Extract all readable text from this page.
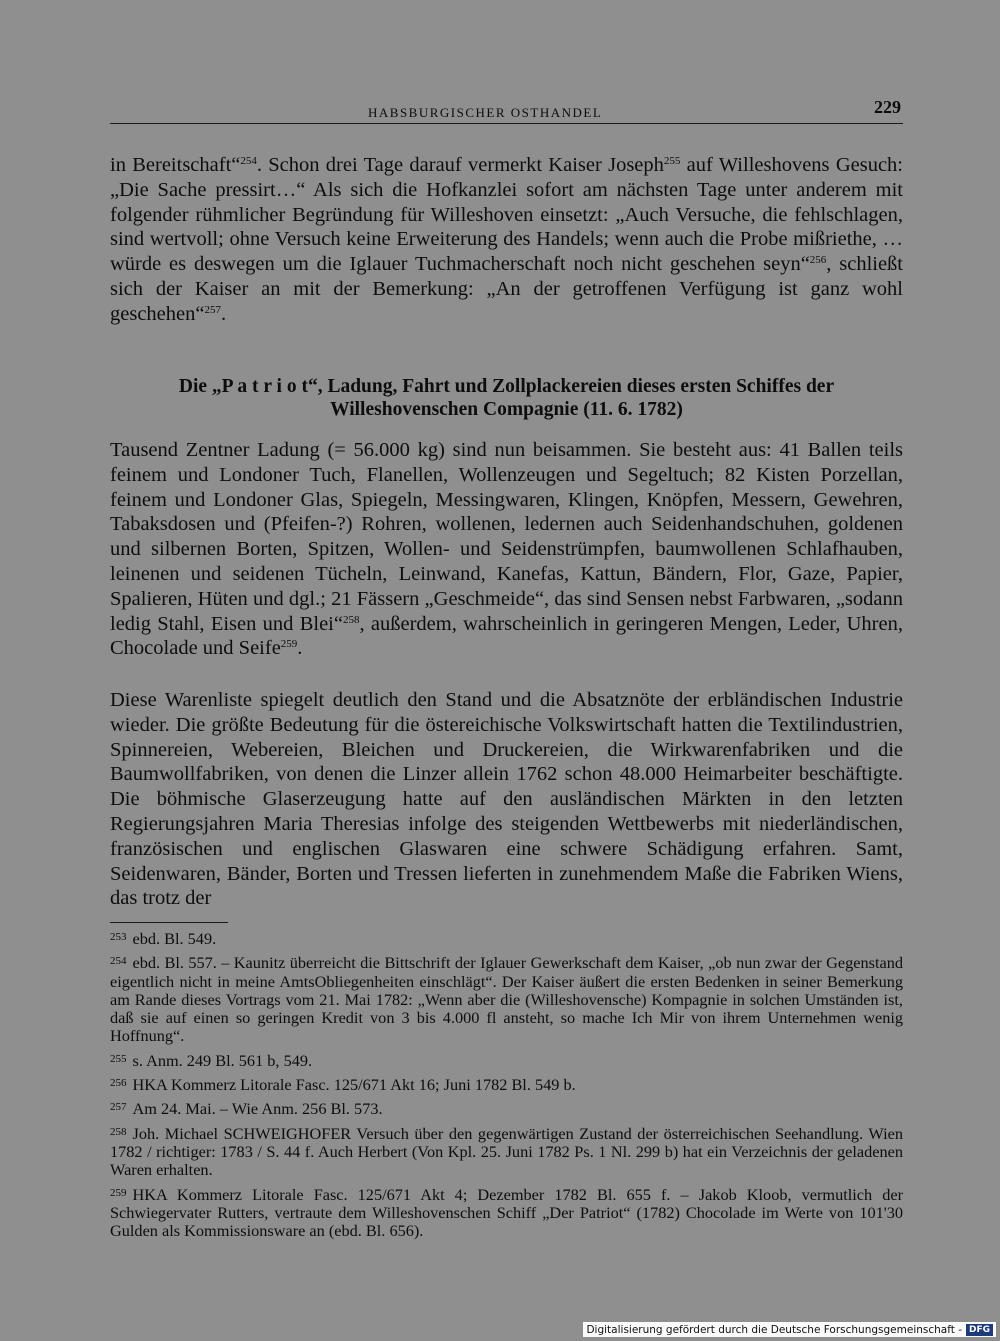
HABSBURGISCHER OSTHANDEL	229

in Bereitschaft“$^{254}$. Schon drei Tage darauf vermerkt Kaiser Joseph$^{255}$ auf Willeshovens Gesuch: „Die Sache pressirt…“ Als sich die Hofkanzlei sofort am nächsten Tage unter anderem mit folgender rühmlicher Begründung für Willeshoven einsetzt: „Auch Versuche, die fehlschlagen, sind wertvoll; ohne Versuch keine Erweiterung des Handels; wenn auch die Probe mißriethe, … würde es deswegen um die Iglauer Tuchmacherschaft noch nicht geschehen seyn“$^{256}$, schließt sich der Kaiser an mit der Bemerkung: „An der getroffenen Verfügung ist ganz wohl geschehen“$^{257}$.

Die „P a t r i o t“, Ladung, Fahrt und Zollplackereien dieses ersten Schiffes der
Willeshovenschen Compagnie (11. 6. 1782)

Tausend Zentner Ladung (= 56.000 kg) sind nun beisammen. Sie besteht aus: 41 Ballen teils feinem und Londoner Tuch, Flanellen, Wollenzeugen und Segeltuch; 82 Kisten Porzellan, feinem und Londoner Glas, Spiegeln, Messingwaren, Klingen, Knöpfen, Messern, Gewehren, Tabaksdosen und (Pfeifen-?) Rohren, wollenen, ledernen auch Seidenhandschuhen, goldenen und silbernen Borten, Spitzen, Wollen- und Seidenstrümpfen, baumwollenen Schlafhauben, leinenen und seidenen Tücheln, Leinwand, Kanefas, Kattun, Bändern, Flor, Gaze, Papier, Spalieren, Hüten und dgl.; 21 Fässern „Geschmeide“, das sind Sensen nebst Farbwaren, „sodann ledig Stahl, Eisen und Blei“$^{258}$, außerdem, wahrscheinlich in geringeren Mengen, Leder, Uhren, Chocolade und Seife$^{259}$.

Diese Warenliste spiegelt deutlich den Stand und die Absatznöte der erbländischen Industrie wieder. Die größte Bedeutung für die östereichische Volkswirtschaft hatten die Textilindustrien, Spinnereien, Webereien, Bleichen und Druckereien, die Wirkwarenfabriken und die Baumwollfabriken, von denen die Linzer allein 1762 schon 48.000 Heimarbeiter beschäftigte. Die böhmische Glaserzeugung hatte auf den ausländischen Märkten in den letzten Regierungsjahren Maria Theresias infolge des steigenden Wettbewerbs mit niederländischen, französischen und englischen Glaswaren eine schwere Schädigung erfahren. Samt, Seidenwaren, Bänder, Borten und Tressen lieferten in zunehmendem Maße die Fabriken Wiens, das trotz der

$^{253}$ ebd. Bl. 549.

$^{254}$ ebd. Bl. 557. – Kaunitz überreicht die Bittschrift der Iglauer Gewerkschaft dem Kaiser, „ob nun zwar der Gegenstand eigentlich nicht in meine AmtsObliegenheiten einschlägt“. Der Kaiser äußert die ersten Bedenken in seiner Bemerkung am Rande dieses Vortrags vom 21. Mai 1782: „Wenn aber die (Willeshovensche) Kompagnie in solchen Umständen ist, daß sie auf einen so geringen Kredit von 3 bis 4.000 fl ansteht, so mache Ich Mir von ihrem Unternehmen wenig Hoffnung“.

$^{255}$ s. Anm. 249 Bl. 561 b, 549.

$^{256}$ HKA Kommerz Litorale Fasc. 125/671 Akt 16; Juni 1782 Bl. 549 b.

$^{257}$ Am 24. Mai. – Wie Anm. 256 Bl. 573.

$^{258}$ Joh. Michael SCHWEIGHOFER Versuch über den gegenwärtigen Zustand der österreichischen Seehandlung. Wien 1782 / richtiger: 1783 / S. 44 f. Auch Herbert (Von Kpl. 25. Juni 1782 Ps. 1 Nl. 299 b) hat ein Verzeichnis der geladenen Waren erhalten.

$^{259}$ HKA Kommerz Litorale Fasc. 125/671 Akt 4; Dezember 1782 Bl. 655 f. – Jakob Kloob, vermutlich der Schwiegervater Rutters, vertraute dem Willeshovenschen Schiff „Der Patriot“ (1782) Chocolade im Werte von 101'30 Gulden als Kommissionsware an (ebd. Bl. 656).

Digitalisierung gefördert durch die Deutsche Forschungsgemeinschaft - DFG
